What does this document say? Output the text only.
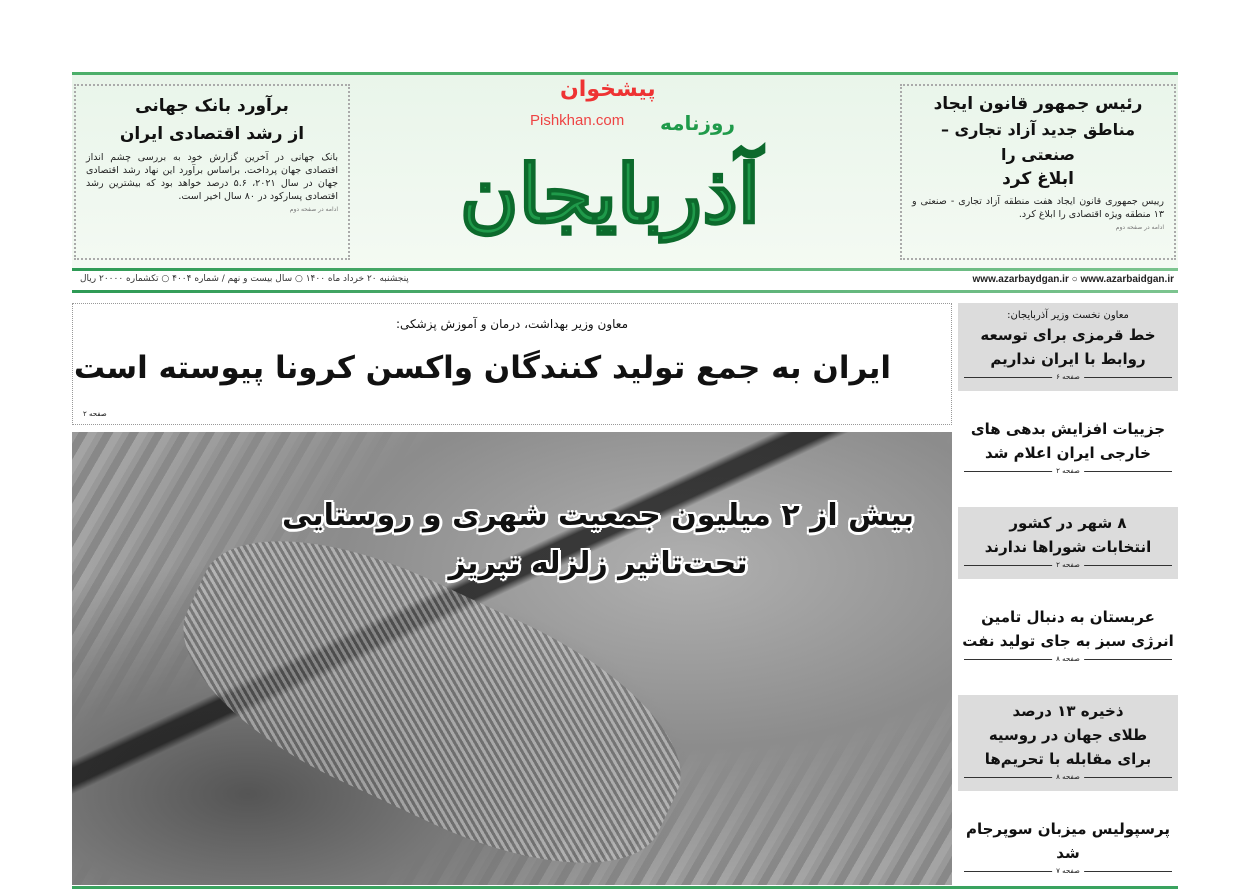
برآورد بانک جهانی
از رشد اقتصادی ایران

بانک جهانی در آخرین گزارش خود به بررسی چشم انداز اقتصادی جهان پرداخت. براساس برآورد این نهاد رشد اقتصادی جهان در سال ۲۰۲۱، ۵.۶ درصد خواهد بود که بیشترین رشد اقتصادی پسارکود در ۸۰ سال اخیر است.

ادامه در صفحه دوم
رئیس جمهور قانون ایجاد
مناطق جدید آزاد تجاری – صنعتی را
ابلاغ کرد

رییس جمهوری قانون ایجاد هفت منطقه آزاد تجاری - صنعتی و ۱۳ منطقه ویژه اقتصادی را ابلاغ کرد.

ادامه در صفحه دوم
آذربایجان
روزنامه
پیشخوان
Pishkhan.com
پنجشنبه ۲۰ خرداد ماه ۱۴۰۰ ○ سال بیست و نهم / شماره ۴۰۰۴ ○ تکشماره ۲۰۰۰۰ ریال	www.azarbaydgan.ir ○ www.azarbaidgan.ir
معاون وزیر بهداشت، درمان و آموزش پزشکی:
ایران به جمع تولید کنندگان واکسن کرونا پیوسته است
صفحه ۲
بیش از ۲ میلیون جمعیت شهری و روستایی
تحت‌تاثیر زلزله تبریز
معاون نخست وزیر آذربایجان:
خط قرمزی برای توسعه
روابط با ایران نداریم
صفحه ۶
جزییات افزایش بدهی های
خارجی ایران اعلام شد
صفحه ۲
۸ شهر در کشور
انتخابات شوراها ندارند
صفحه ۲
عربستان به دنبال تامین
انرژی سبز به جای تولید نفت
صفحه ۸
ذخیره ۱۳ درصد
طلای جهان در روسیه
برای مقابله با تحریم‌ها
صفحه ۸
پرسپولیس میزبان سوپرجام شد
صفحه ۷
